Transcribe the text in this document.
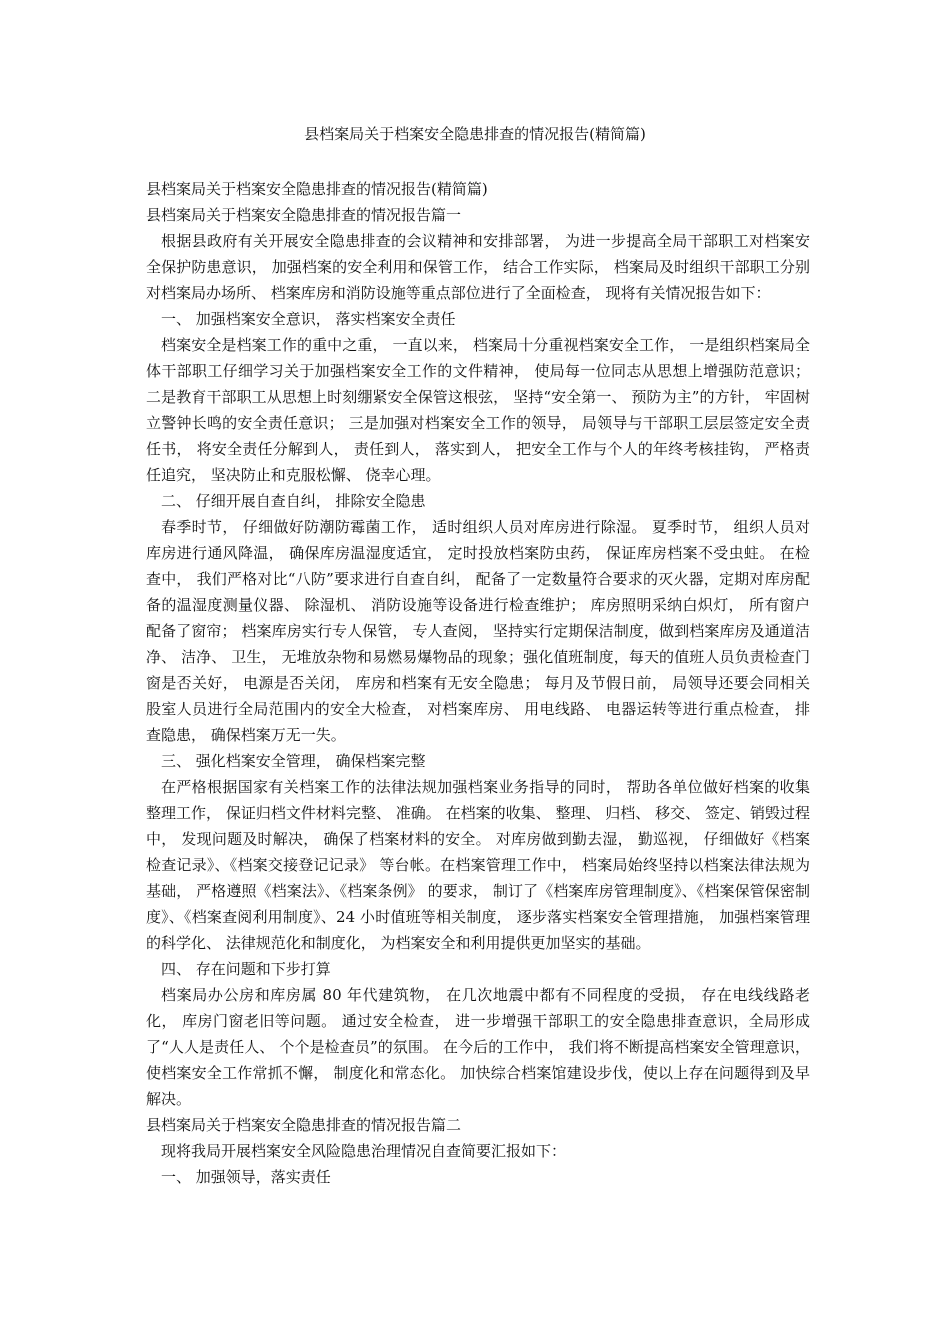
县档案局关于档案安全隐患排查的情况报告(精简篇)

县档案局关于档案安全隐患排查的情况报告(精简篇)

县档案局关于档案安全隐患排查的情况报告篇一

根据县政府有关开展安全隐患排查的会议精神和安排部署， 为进一步提高全局干部职工对档案安全保护防患意识， 加强档案的安全利用和保管工作， 结合工作实际， 档案局及时组织干部职工分别对档案局办场所、 档案库房和消防设施等重点部位进行了全面检查， 现将有关情况报告如下：

一、 加强档案安全意识， 落实档案安全责任

档案安全是档案工作的重中之重， 一直以来， 档案局十分重视档案安全工作， 一是组织档案局全体干部职工仔细学习关于加强档案安全工作的文件精神， 使局每一位同志从思想上增强防范意识； 二是教育干部职工从思想上时刻绷紧安全保管这根弦， 坚持“安全第一、 预防为主”的方针， 牢固树立警钟长鸣的安全责任意识； 三是加强对档案安全工作的领导， 局领导与干部职工层层签定安全责任书， 将安全责任分解到人， 责任到人， 落实到人， 把安全工作与个人的年终考核挂钩， 严格责任追究， 坚决防止和克服松懈、 侥幸心理。

二、 仔细开展自查自纠， 排除安全隐患

春季时节， 仔细做好防潮防霉菌工作， 适时组织人员对库房进行除湿。 夏季时节， 组织人员对库房进行通风降温， 确保库房温湿度适宜， 定时投放档案防虫药， 保证库房档案不受虫蛀。 在检查中， 我们严格对比“八防”要求进行自查自纠， 配备了一定数量符合要求的灭火器，定期对库房配备的温湿度测量仪器、 除湿机、 消防设施等设备进行检查维护； 库房照明采纳白炽灯， 所有窗户配备了窗帘； 档案库房实行专人保管， 专人查阅， 坚持实行定期保洁制度，做到档案库房及通道洁净、 洁净、 卫生， 无堆放杂物和易燃易爆物品的现象；强化值班制度，每天的值班人员负责检查门窗是否关好， 电源是否关闭， 库房和档案有无安全隐患； 每月及节假日前， 局领导还要会同相关股室人员进行全局范围内的安全大检查， 对档案库房、 用电线路、 电器运转等进行重点检查， 排查隐患， 确保档案万无一失。

三、 强化档案安全管理， 确保档案完整

在严格根据国家有关档案工作的法律法规加强档案业务指导的同时， 帮助各单位做好档案的收集整理工作， 保证归档文件材料完整、 准确。 在档案的收集、 整理、 归档、 移交、 签定、销毁过程中， 发现问题及时解决， 确保了档案材料的安全。 对库房做到勤去湿， 勤巡视， 仔细做好《档案检查记录》、《档案交接登记记录》 等台帐。在档案管理工作中， 档案局始终坚持以档案法律法规为基础， 严格遵照《档案法》、《档案条例》 的要求， 制订了《档案库房管理制度》、《档案保管保密制度》、《档案查阅利用制度》、24 小时值班等相关制度， 逐步落实档案安全管理措施， 加强档案管理的科学化、 法律规范化和制度化， 为档案安全和利用提供更加坚实的基础。

四、 存在问题和下步打算

档案局办公房和库房属 80 年代建筑物， 在几次地震中都有不同程度的受损， 存在电线线路老化， 库房门窗老旧等问题。 通过安全检查， 进一步增强干部职工的安全隐患排查意识，全局形成了“人人是责任人、 个个是检查员”的氛围。 在今后的工作中， 我们将不断提高档案安全管理意识， 使档案安全工作常抓不懈， 制度化和常态化。 加快综合档案馆建设步伐，使以上存在问题得到及早解决。

县档案局关于档案安全隐患排查的情况报告篇二

现将我局开展档案安全风险隐患治理情况自查简要汇报如下：

一、 加强领导，落实责任
